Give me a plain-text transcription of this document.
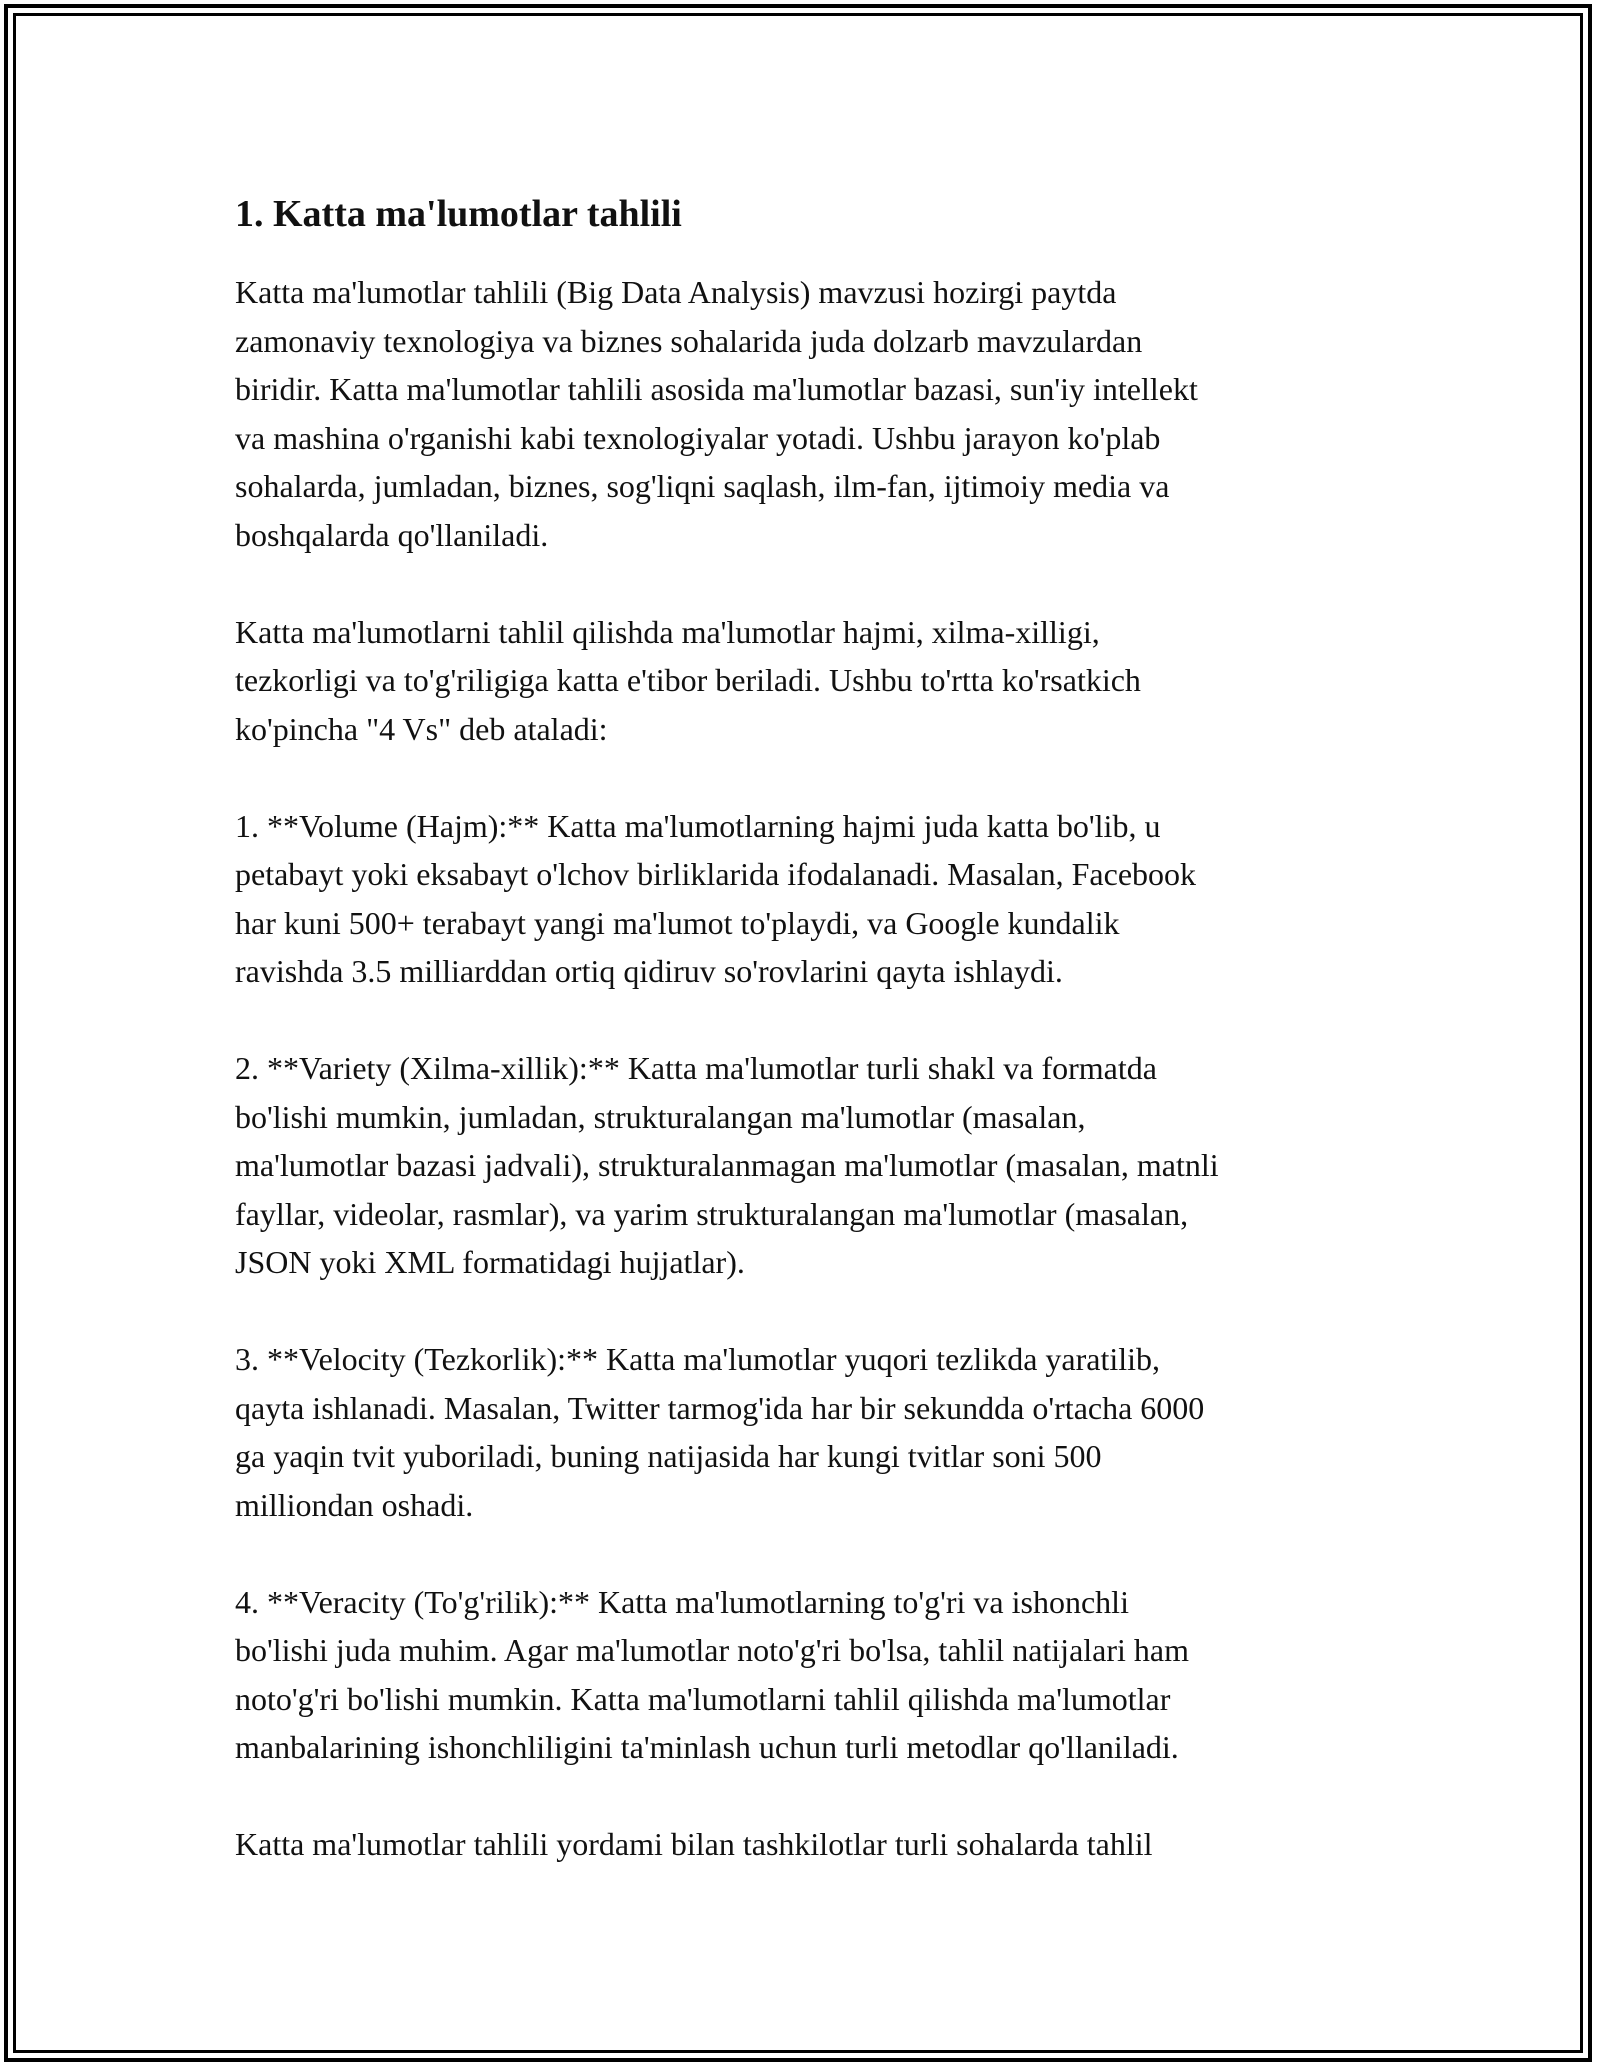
1. Katta ma'lumotlar tahlili

Katta ma'lumotlar tahlili (Big Data Analysis) mavzusi hozirgi paytda
zamonaviy texnologiya va biznes sohalarida juda dolzarb mavzulardan
biridir. Katta ma'lumotlar tahlili asosida ma'lumotlar bazasi, sun'iy intellekt
va mashina o'rganishi kabi texnologiyalar yotadi. Ushbu jarayon ko'plab
sohalarda, jumladan, biznes, sog'liqni saqlash, ilm-fan, ijtimoiy media va
boshqalarda qo'llaniladi.

Katta ma'lumotlarni tahlil qilishda ma'lumotlar hajmi, xilma-xilligi,
tezkorligi va to'g'riligiga katta e'tibor beriladi. Ushbu to'rtta ko'rsatkich
ko'pincha "4 Vs" deb ataladi:

1. **Volume (Hajm):** Katta ma'lumotlarning hajmi juda katta bo'lib, u
petabayt yoki eksabayt o'lchov birliklarida ifodalanadi. Masalan, Facebook
har kuni 500+ terabayt yangi ma'lumot to'playdi, va Google kundalik
ravishda 3.5 milliarddan ortiq qidiruv so'rovlarini qayta ishlaydi.

2. **Variety (Xilma-xillik):** Katta ma'lumotlar turli shakl va formatda
bo'lishi mumkin, jumladan, strukturalangan ma'lumotlar (masalan,
ma'lumotlar bazasi jadvali), strukturalanmagan ma'lumotlar (masalan, matnli
fayllar, videolar, rasmlar), va yarim strukturalangan ma'lumotlar (masalan,
JSON yoki XML formatidagi hujjatlar).

3. **Velocity (Tezkorlik):** Katta ma'lumotlar yuqori tezlikda yaratilib,
qayta ishlanadi. Masalan, Twitter tarmog'ida har bir sekundda o'rtacha 6000
ga yaqin tvit yuboriladi, buning natijasida har kungi tvitlar soni 500
milliondan oshadi.

4. **Veracity (To'g'rilik):** Katta ma'lumotlarning to'g'ri va ishonchli
bo'lishi juda muhim. Agar ma'lumotlar noto'g'ri bo'lsa, tahlil natijalari ham
noto'g'ri bo'lishi mumkin. Katta ma'lumotlarni tahlil qilishda ma'lumotlar
manbalarining ishonchliligini ta'minlash uchun turli metodlar qo'llaniladi.

Katta ma'lumotlar tahlili yordami bilan tashkilotlar turli sohalarda tahlil
